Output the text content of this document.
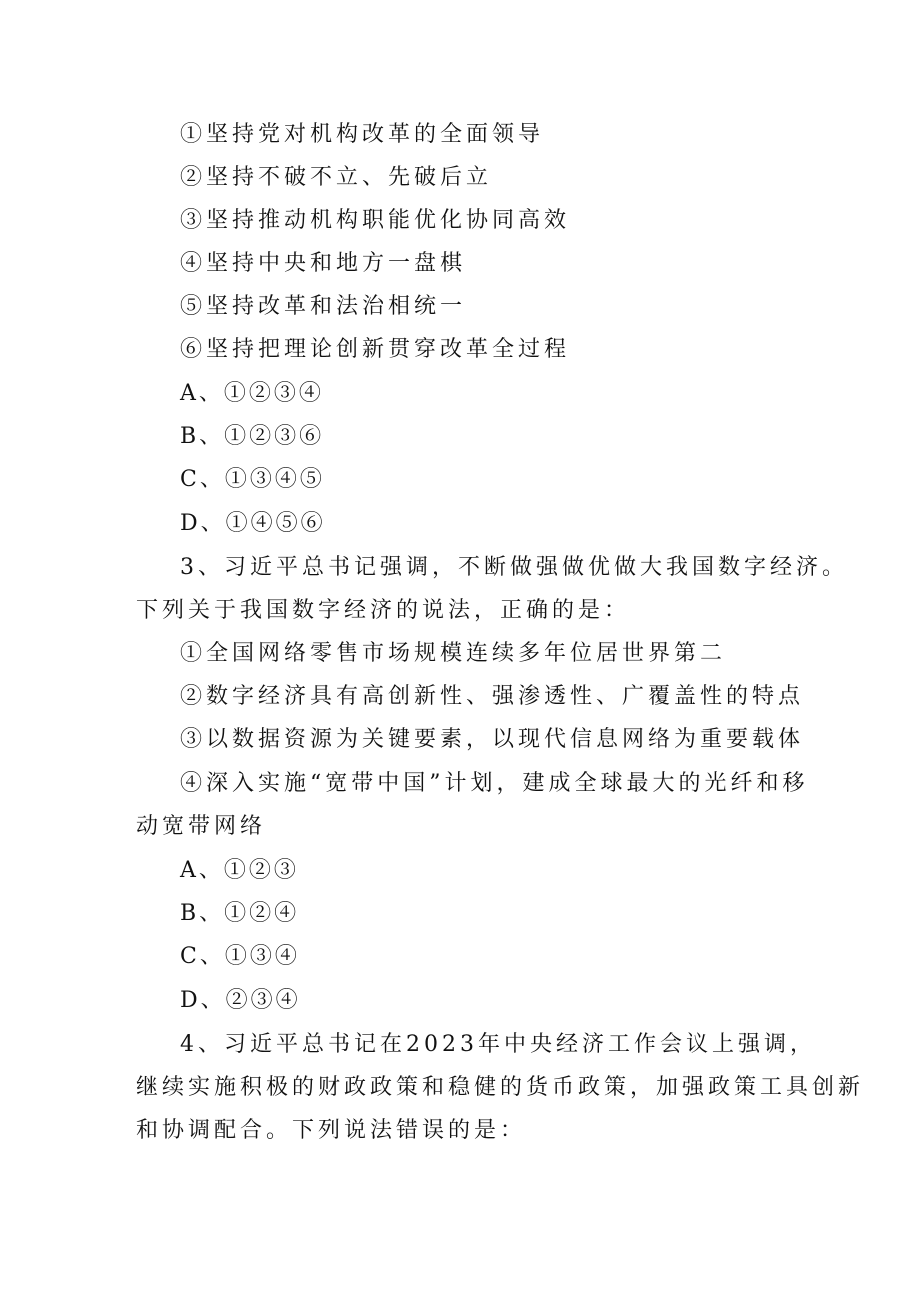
①坚持党对机构改革的全面领导
②坚持不破不立、先破后立
③坚持推动机构职能优化协同高效
④坚持中央和地方一盘棋
⑤坚持改革和法治相统一
⑥坚持把理论创新贯穿改革全过程
A、①②③④
B、①②③⑥
C、①③④⑤
D、①④⑤⑥
3、习近平总书记强调，不断做强做优做大我国数字经济。
下列关于我国数字经济的说法，正确的是：
①全国网络零售市场规模连续多年位居世界第二
②数字经济具有高创新性、强渗透性、广覆盖性的特点
③以数据资源为关键要素，以现代信息网络为重要载体
④深入实施“宽带中国”计划，建成全球最大的光纤和移
动宽带网络
A、①②③
B、①②④
C、①③④
D、②③④
4、习近平总书记在2023年中央经济工作会议上强调，
继续实施积极的财政政策和稳健的货币政策，加强政策工具创新
和协调配合。下列说法错误的是：
